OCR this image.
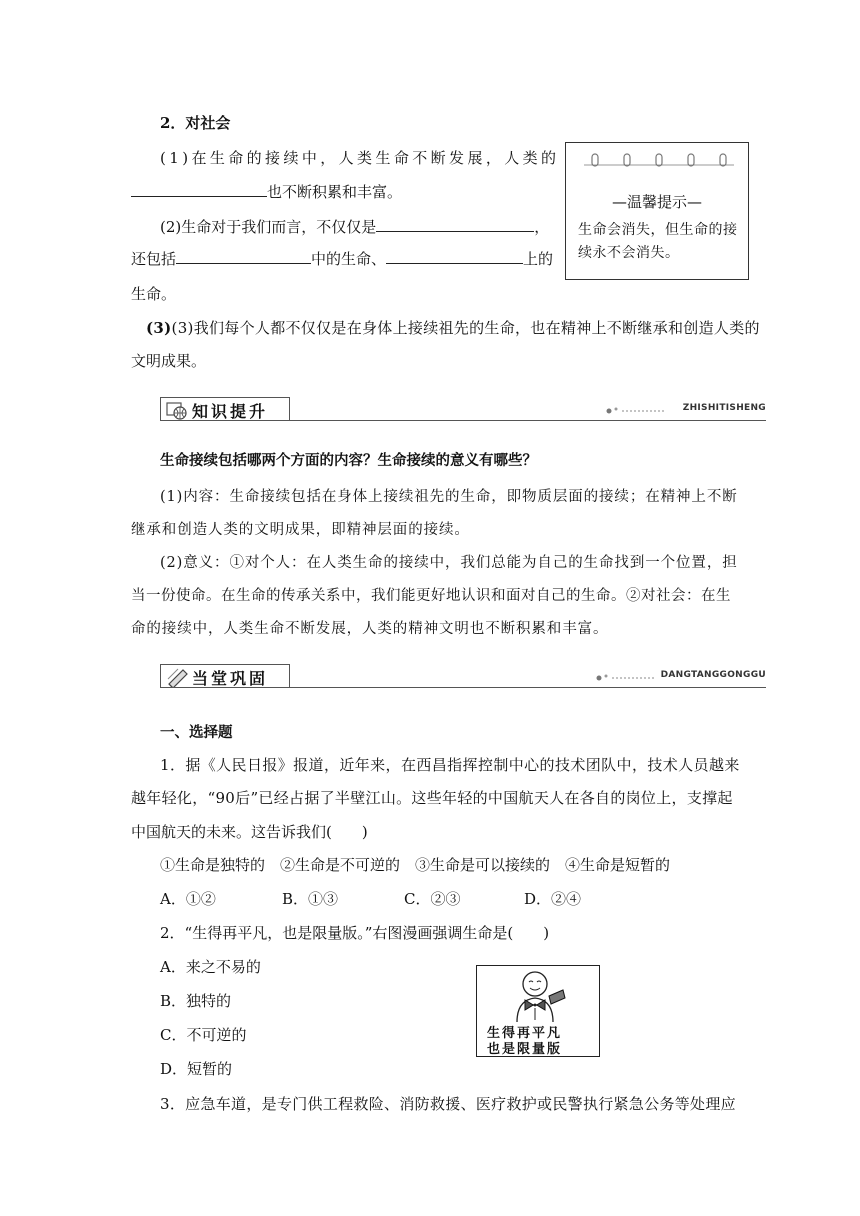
2．对社会
(1)在生命的接续中，人类生命不断发展，人类的
也不断积累和丰富。
(2)生命对于我们而言，不仅仅是	，
还包括	中的生命、	上的
生命。
(3)(3)我们每个人都不仅仅是在身体上接续祖先的生命，也在精神上不断继承和创造人类的
文明成果。
—温馨提示—
生命会消失，但生命的接续永不会消失。
知识提升	ZHISHITISHENG
生命接续包括哪两个方面的内容？生命接续的意义有哪些？
(1)内容：生命接续包括在身体上接续祖先的生命，即物质层面的接续；在精神上不断
继承和创造人类的文明成果，即精神层面的接续。
(2)意义：①对个人：在人类生命的接续中，我们总能为自己的生命找到一个位置，担
当一份使命。在生命的传承关系中，我们能更好地认识和面对自己的生命。②对社会：在生
命的接续中，人类生命不断发展，人类的精神文明也不断积累和丰富。
当堂巩固	DANGTANGGONGGU
一、选择题
1．据《人民日报》报道，近年来，在西昌指挥控制中心的技术团队中，技术人员越来
越年轻化，“90后”已经占据了半壁江山。这些年轻的中国航天人在各自的岗位上，支撑起
中国航天的未来。这告诉我们(　　)
①生命是独特的　②生命是不可逆的　③生命是可以接续的　④生命是短暂的
A．①②	B．①③	C．②③	D．②④
2．“生得再平凡，也是限量版。”右图漫画强调生命是(　　)
A．来之不易的
B．独特的
C．不可逆的
D．短暂的
生得再平凡
也是限量版
3．应急车道，是专门供工程救险、消防救援、医疗救护或民警执行紧急公务等处理应
